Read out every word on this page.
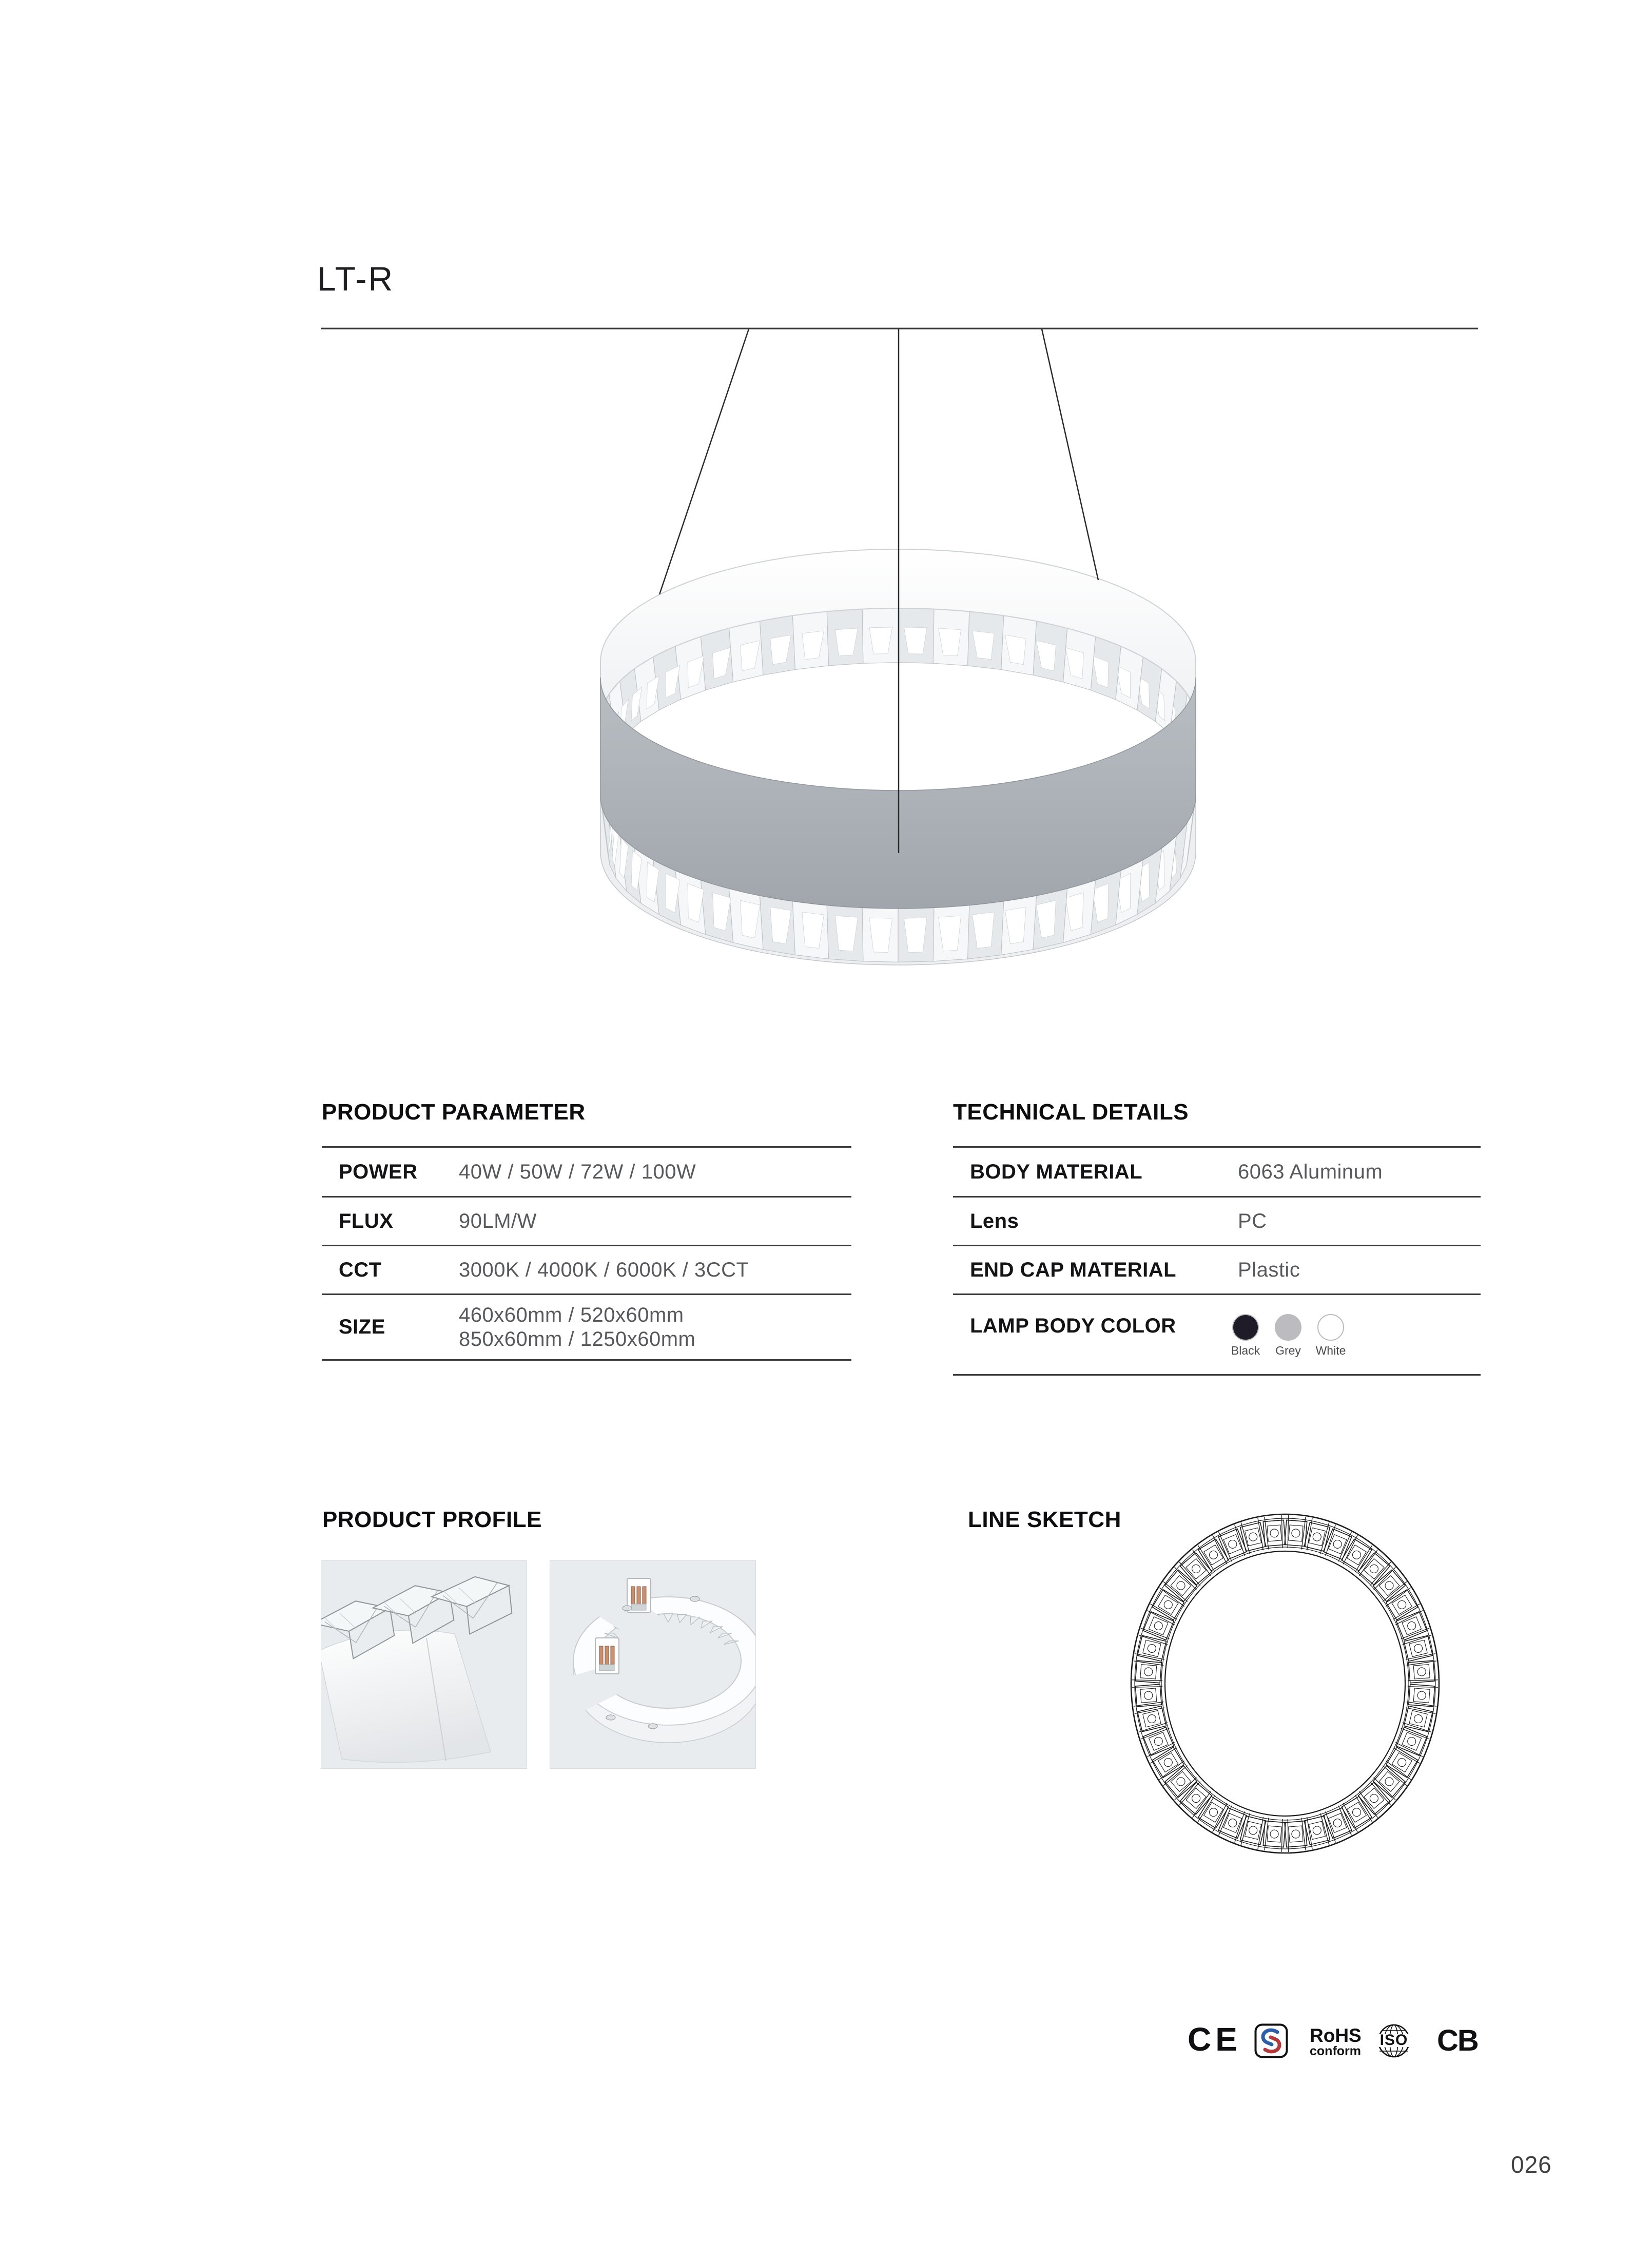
LT-R
PRODUCT PARAMETER
POWER 40W / 50W / 72W / 100W
FLUX	90LM/W
CCT	3000K / 4000K / 6000K / 3CCT
SIZE
460x60mm / 520x60mm
850x60mm / 1250x60mm
TECHNICAL DETAILS
BODY MATERIAL	6063 Aluminum
Lens	PC
END CAP MATERIAL	Plastic
LAMP BODY COLOR
Black	Grey	White
PRODUCT PROFILE	LINE SKETCH
CE	RoHS
conform
ISO CB
026
